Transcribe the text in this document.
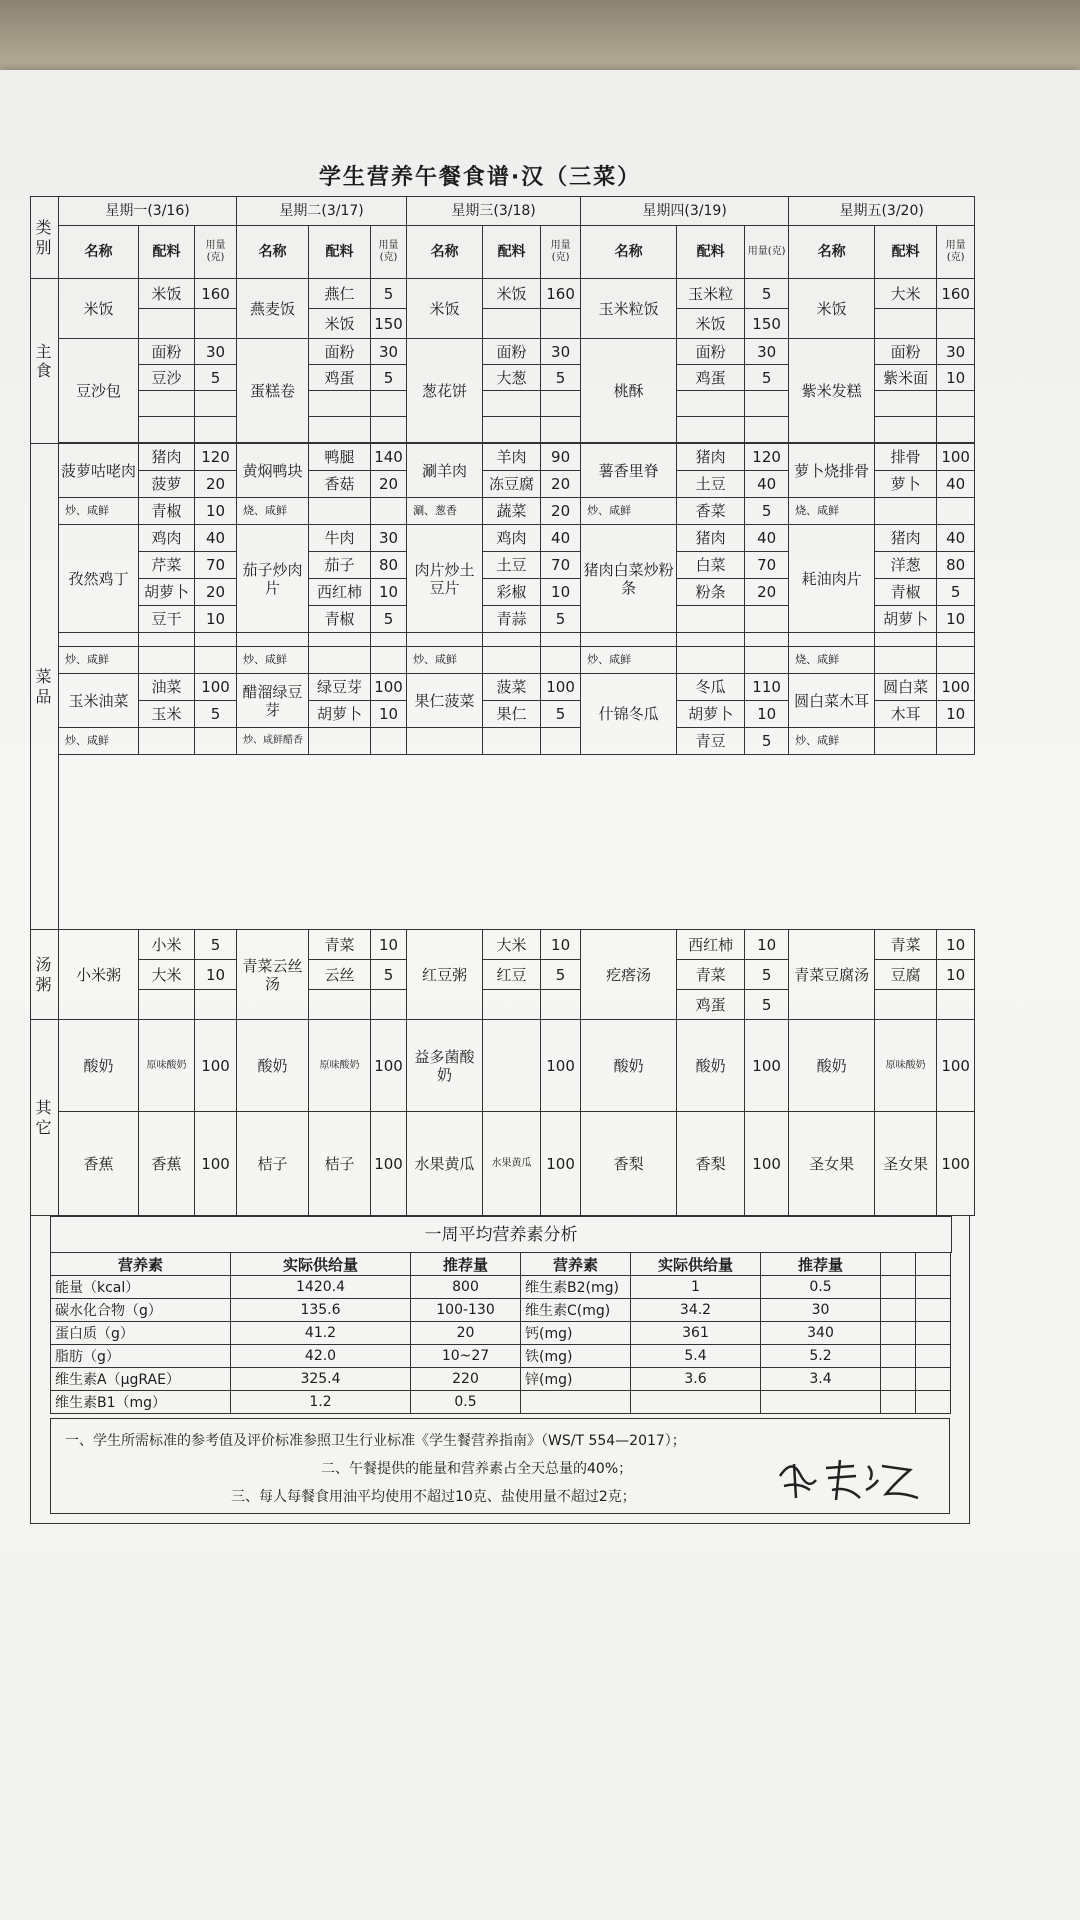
学生营养午餐食谱·汉（三菜）
类别	星期一(3/16)			星期二(3/17)			星期三(3/18)			星期四(3/19)			星期五(3/20)		
	名称	配料	用量(克)	名称	配料	用量(克)	名称	配料	用量(克)	名称	配料	用量(克)	名称	配料	用量(克)
主食	米饭	米饭	160	燕麦饭	燕仁	5	米饭	米饭	160	玉米粒饭	玉米粒	5	米饭	大米	160
					米饭	150					米饭	150			
	豆沙包	面粉	30	蛋糕卷	面粉	30	葱花饼	面粉	30	桃酥	面粉	30	紫米发糕	面粉	30
		豆沙	5		鸡蛋	5		大葱	5		鸡蛋	5		紫米面	10

菜品	菠萝咕咾肉	猪肉	120	黄焖鸭块	鸭腿	140	涮羊肉	羊肉	90	薯香里脊	猪肉	120	萝卜烧排骨	排骨	100
		菠萝	20		香菇	20		冻豆腐	20		土豆	40		萝卜	40
	炒、咸鲜	青椒	10	烧、咸鲜			涮、葱香	蔬菜	20	炒、咸鲜	香菜	5	烧、咸鲜		
	孜然鸡丁	鸡肉	40	茄子炒肉片	牛肉	30	肉片炒土豆片	鸡肉	40	猪肉白菜炒粉条	猪肉	40	耗油肉片	猪肉	40
		芹菜	70		茄子	80		土豆	70		白菜	70		洋葱	80
		胡萝卜	20		西红柿	10		彩椒	10		粉条	20		青椒	5
		豆干	10		青椒	5		青蒜	5					胡萝卜	10

	炒、咸鲜			炒、咸鲜			炒、咸鲜			炒、咸鲜			烧、咸鲜		
	玉米油菜	油菜	100	醋溜绿豆芽	绿豆芽	100	果仁菠菜	菠菜	100	什锦冬瓜	冬瓜	110	圆白菜木耳	圆白菜	100
		玉米	5		胡萝卜	10		果仁	5		胡萝卜	10		木耳	10
	炒、咸鲜			炒、咸鲜醋香							青豆	5	炒、咸鲜		

汤粥	小米粥	小米	5	青菜云丝汤	青菜	10	红豆粥	大米	10	疙瘩汤	西红柿	10	青菜豆腐汤	青菜	10
		大米	10		云丝	5		红豆	5		青菜	5		豆腐	10
											鸡蛋	5			
其它	酸奶	原味酸奶	100	酸奶	原味酸奶	100	益多菌酸奶		100	酸奶	酸奶	100	酸奶	原味酸奶	100
	香蕉	香蕉	100	桔子	桔子	100	水果黄瓜	水果黄瓜	100	香梨	香梨	100	圣女果	圣女果	100
一周平均营养素分析
营养素	实际供给量	推荐量	营养素	实际供给量	推荐量		
能量（kcal）	1420.4	800	维生素B2(mg)	1	0.5		
碳水化合物（g）	135.6	100-130	维生素C(mg)	34.2	30		
蛋白质（g）	41.2	20	钙(mg)	361	340		
脂肪（g）	42.0	10~27	铁(mg)	5.4	5.2		
维生素A（μgRAE）	325.4	220	锌(mg)	3.6	3.4		
维生素B1（mg）	1.2	0.5					
一、学生所需标准的参考值及评价标准参照卫生行业标准《学生餐营养指南》（WS/T 554—2017）；
二、午餐提供的能量和营养素占全天总量的40%；
三、每人每餐食用油平均使用不超过10克、盐使用量不超过2克；
